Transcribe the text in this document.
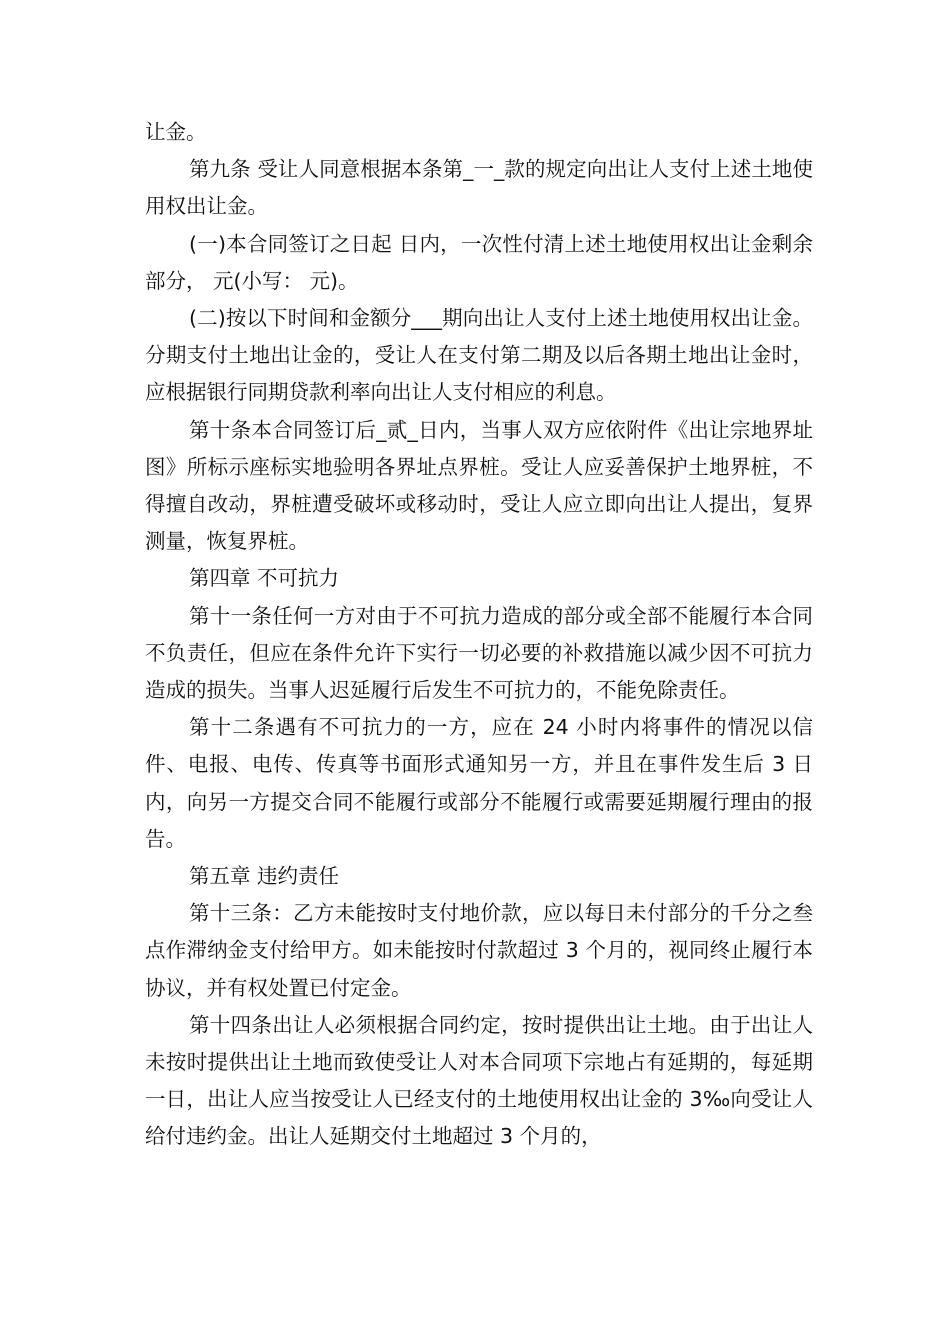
让金。

第九条 受让人同意根据本条第_一_款的规定向出让人支付上述土地使用权出让金。

(一)本合同签订之日起 日内，一次性付清上述土地使用权出让金剩余部分， 元(小写： 元)。

(二)按以下时间和金额分___期向出让人支付上述土地使用权出让金。分期支付土地出让金的，受让人在支付第二期及以后各期土地出让金时，应根据银行同期贷款利率向出让人支付相应的利息。

第十条本合同签订后_贰_日内，当事人双方应依附件《出让宗地界址图》所标示座标实地验明各界址点界桩。受让人应妥善保护土地界桩，不得擅自改动，界桩遭受破坏或移动时，受让人应立即向出让人提出，复界测量，恢复界桩。

第四章 不可抗力

第十一条任何一方对由于不可抗力造成的部分或全部不能履行本合同不负责任，但应在条件允许下实行一切必要的补救措施以减少因不可抗力造成的损失。当事人迟延履行后发生不可抗力的，不能免除责任。

第十二条遇有不可抗力的一方，应在 24 小时内将事件的情况以信件、电报、电传、传真等书面形式通知另一方，并且在事件发生后 3 日内，向另一方提交合同不能履行或部分不能履行或需要延期履行理由的报告。

第五章 违约责任

第十三条：乙方未能按时支付地价款，应以每日未付部分的千分之叁点作滞纳金支付给甲方。如未能按时付款超过 3 个月的，视同终止履行本协议，并有权处置已付定金。

第十四条出让人必须根据合同约定，按时提供出让土地。由于出让人未按时提供出让土地而致使受让人对本合同项下宗地占有延期的，每延期一日，出让人应当按受让人已经支付的土地使用权出让金的 3‰向受让人给付违约金。出让人延期交付土地超过 3 个月的，
